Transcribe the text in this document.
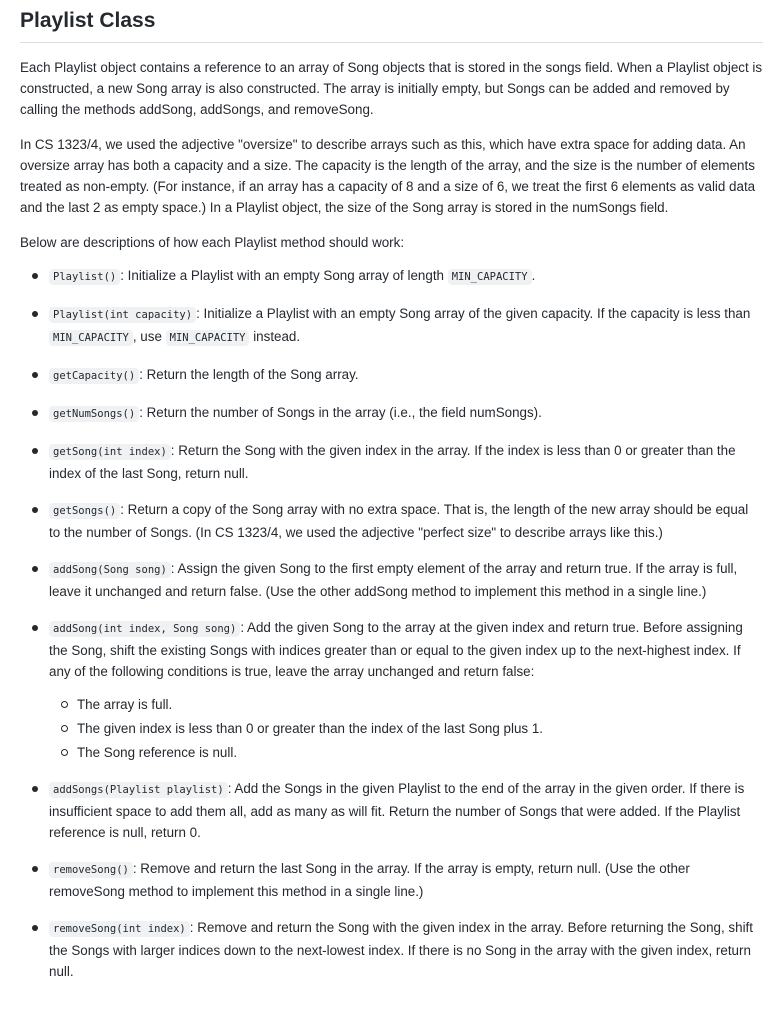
Playlist Class

Each Playlist object contains a reference to an array of Song objects that is stored in the songs field. When a Playlist object is constructed, a new Song array is also constructed. The array is initially empty, but Songs can be added and removed by calling the methods addSong, addSongs, and removeSong.

In CS 1323/4, we used the adjective "oversize" to describe arrays such as this, which have extra space for adding data. An oversize array has both a capacity and a size. The capacity is the length of the array, and the size is the number of elements treated as non-empty. (For instance, if an array has a capacity of 8 and a size of 6, we treat the first 6 elements as valid data and the last 2 as empty space.) In a Playlist object, the size of the Song array is stored in the numSongs field.

Below are descriptions of how each Playlist method should work:

Playlist() : Initialize a Playlist with an empty Song array of length MIN_CAPACITY .
Playlist(int capacity) : Initialize a Playlist with an empty Song array of the given capacity. If the capacity is less than MIN_CAPACITY , use MIN_CAPACITY instead.
getCapacity() : Return the length of the Song array.
getNumSongs() : Return the number of Songs in the array (i.e., the field numSongs).
getSong(int index) : Return the Song with the given index in the array. If the index is less than 0 or greater than the index of the last Song, return null.
getSongs() : Return a copy of the Song array with no extra space. That is, the length of the new array should be equal to the number of Songs. (In CS 1323/4, we used the adjective "perfect size" to describe arrays like this.)
addSong(Song song) : Assign the given Song to the first empty element of the array and return true. If the array is full, leave it unchanged and return false. (Use the other addSong method to implement this method in a single line.)
addSong(int index, Song song) : Add the given Song to the array at the given index and return true. Before assigning the Song, shift the existing Songs with indices greater than or equal to the given index up to the next-highest index. If any of the following conditions is true, leave the array unchanged and return false:
The array is full.
The given index is less than 0 or greater than the index of the last Song plus 1.
The Song reference is null.
addSongs(Playlist playlist) : Add the Songs in the given Playlist to the end of the array in the given order. If there is insufficient space to add them all, add as many as will fit. Return the number of Songs that were added. If the Playlist reference is null, return 0.
removeSong() : Remove and return the last Song in the array. If the array is empty, return null. (Use the other removeSong method to implement this method in a single line.)
removeSong(int index) : Remove and return the Song with the given index in the array. Before returning the Song, shift the Songs with larger indices down to the next-lowest index. If there is no Song in the array with the given index, return null.
